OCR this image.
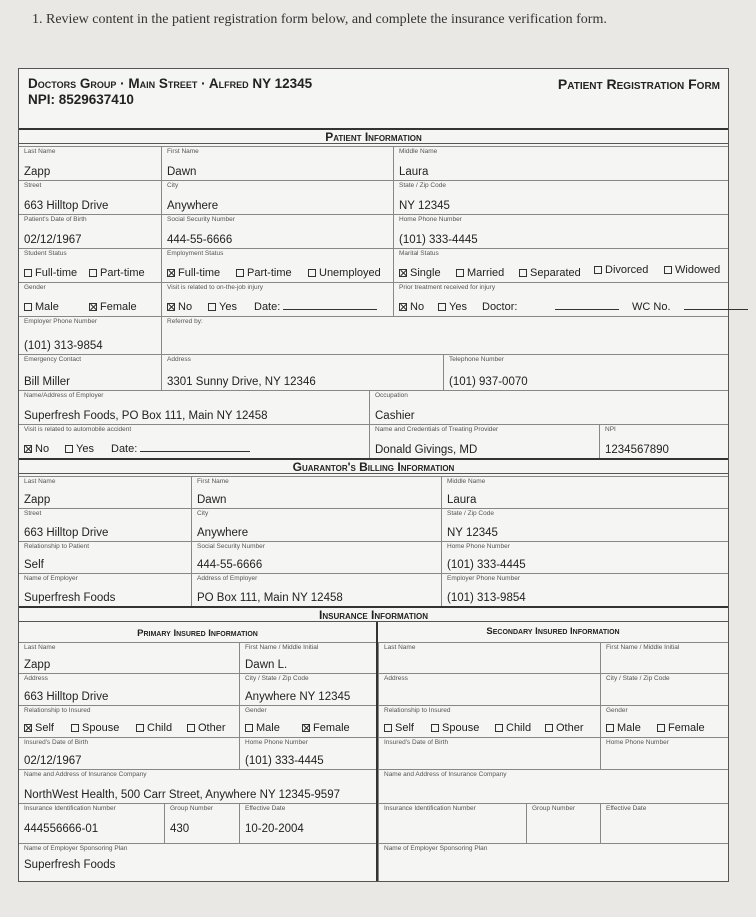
1. Review content in the patient registration form below, and complete the insurance verification form.
Doctors Group · Main Street · Alfred NY 12345
NPI: 8529637410
Patient Registration Form
Patient Information
Last Name
Zapp
First Name
Dawn
Middle Name
Laura
Street
663 Hilltop Drive
City
Anywhere
State / Zip Code
NY 12345
Patient's Date of Birth
02/12/1967
Social Security Number
444-55-6666
Home Phone Number
(101) 333-4445
Student Status
Full-time	Part-time
Employment Status
Full-time	Part-time	Unemployed
Marital Status
Single	Married	Separated	Divorced	Widowed
Gender
Male	Female
Visit is related to on-the-job injury
No	Yes Date:
Prior treatment received for injury
No	Yes Doctor:	WC No.
Employer Phone Number
(101) 313-9854
Referred by:
Emergency Contact
Bill Miller
Address
3301 Sunny Drive, NY 12346
Telephone Number
(101) 937-0070
Name/Address of Employer
Superfresh Foods, PO Box 111, Main NY 12458
Occupation
Cashier
Visit is related to automobile accident
No	Yes Date:
Name and Credentials of Treating Provider
Donald Givings, MD
NPI
1234567890
Guarantor's Billing Information
Last Name
Zapp
First Name
Dawn
Middle Name
Laura
Street
663 Hilltop Drive
City
Anywhere
State / Zip Code
NY 12345
Relationship to Patient
Self
Social Security Number
444-55-6666
Home Phone Number
(101) 333-4445
Name of Employer
Superfresh Foods
Address of Employer
PO Box 111, Main NY 12458
Employer Phone Number
(101) 313-9854
Insurance Information
Primary Insured Information	Secondary Insured Information
Last Name
Zapp
First Name / Middle Initial
Dawn L.
Address
663 Hilltop Drive
City / State / Zip Code
Anywhere NY 12345
Relationship to Insured
Self	Spouse	Child	Other
Gender
Male	Female
Insured's Date of Birth
02/12/1967
Home Phone Number
(101) 333-4445
Name and Address of Insurance Company
NorthWest Health, 500 Carr Street, Anywhere NY 12345-9597
Insurance Identification Number
444556666-01
Group Number
430
Effective Date
10-20-2004
Name of Employer Sponsoring Plan
Superfresh Foods
Last Name	First Name / Middle Initial
Address	City / State / Zip Code
Relationship to Insured
Self	Spouse	Child	Other
Gender
Male	Female
Insured's Date of Birth	Home Phone Number
Name and Address of Insurance Company
Insurance Identification Number	Group Number	Effective Date
Name of Employer Sponsoring Plan
